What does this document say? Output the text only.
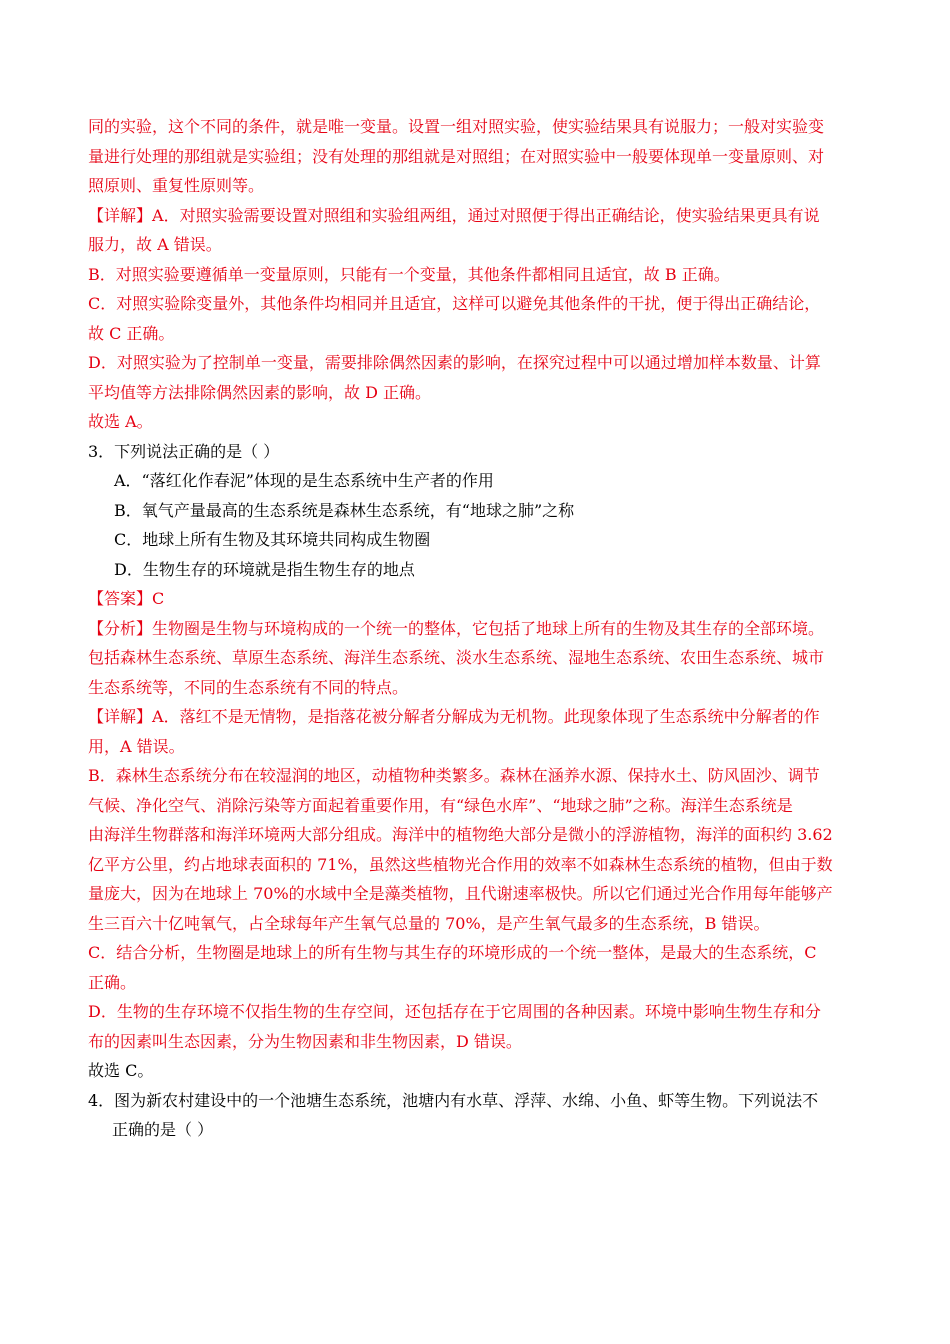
同的实验，这个不同的条件，就是唯一变量。设置一组对照实验，使实验结果具有说服力；一般对实验变
量进行处理的那组就是实验组；没有处理的那组就是对照组；在对照实验中一般要体现单一变量原则、对
照原则、重复性原则等。
【详解】A．对照实验需要设置对照组和实验组两组，通过对照便于得出正确结论，使实验结果更具有说
服力，故 A 错误。
B．对照实验要遵循单一变量原则，只能有一个变量，其他条件都相同且适宜，故 B 正确。
C．对照实验除变量外，其他条件均相同并且适宜，这样可以避免其他条件的干扰，便于得出正确结论，
故 C 正确。
D．对照实验为了控制单一变量，需要排除偶然因素的影响，在探究过程中可以通过增加样本数量、计算
平均值等方法排除偶然因素的影响，故 D 正确。
故选 A。
3．下列说法正确的是（ ）
A．“落红化作春泥”体现的是生态系统中生产者的作用
B．氧气产量最高的生态系统是森林生态系统，有“地球之肺”之称
C．地球上所有生物及其环境共同构成生物圈
D．生物生存的环境就是指生物生存的地点
【答案】C
【分析】生物圈是生物与环境构成的一个统一的整体，它包括了地球上所有的生物及其生存的全部环境。
包括森林生态系统、草原生态系统、海洋生态系统、淡水生态系统、湿地生态系统、农田生态系统、城市
生态系统等，不同的生态系统有不同的特点。
【详解】A．落红不是无情物，是指落花被分解者分解成为无机物。此现象体现了生态系统中分解者的作
用，A 错误。
B．森林生态系统分布在较湿润的地区，动植物种类繁多。森林在涵养水源、保持水土、防风固沙、调节
气候、净化空气、消除污染等方面起着重要作用，有“绿色水库”、“地球之肺”之称。海洋生态系统是
由海洋生物群落和海洋环境两大部分组成。海洋中的植物绝大部分是微小的浮游植物，海洋的面积约 3.62
亿平方公里，约占地球表面积的 71%，虽然这些植物光合作用的效率不如森林生态系统的植物，但由于数
量庞大，因为在地球上 70%的水域中全是藻类植物，且代谢速率极快。所以它们通过光合作用每年能够产
生三百六十亿吨氧气，占全球每年产生氧气总量的 70%，是产生氧气最多的生态系统，B 错误。
C．结合分析，生物圈是地球上的所有生物与其生存的环境形成的一个统一整体，是最大的生态系统，C
正确。
D．生物的生存环境不仅指生物的生存空间，还包括存在于它周围的各种因素。环境中影响生物生存和分
布的因素叫生态因素，分为生物因素和非生物因素，D 错误。
故选 C。
4．图为新农村建设中的一个池塘生态系统，池塘内有水草、浮萍、水绵、小鱼、虾等生物。下列说法不
正确的是（ ）
